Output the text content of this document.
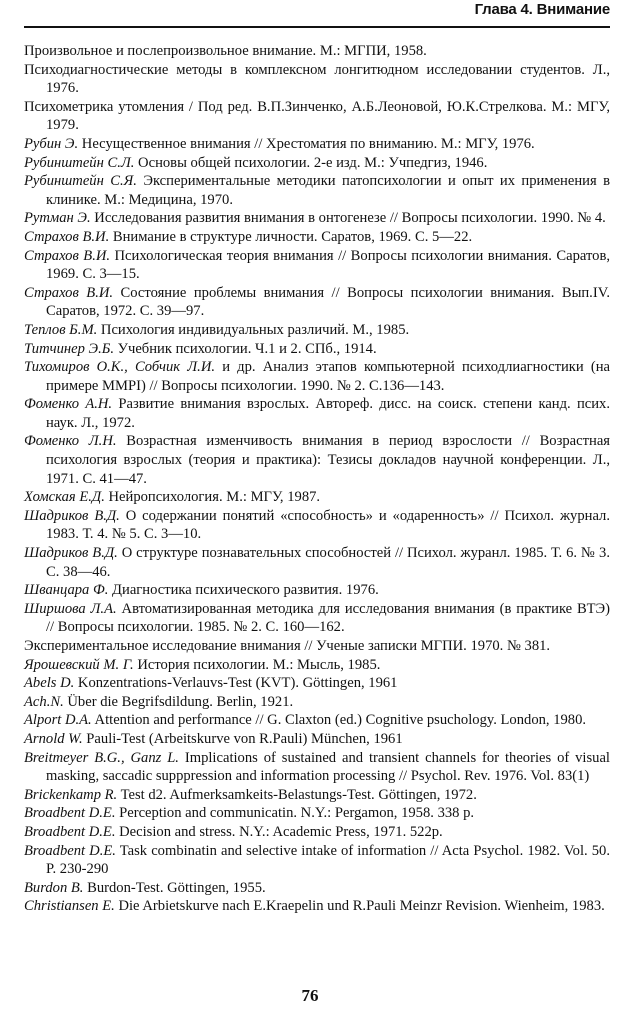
Глава 4. Внимание

Произвольное и послепроизвольное внимание. М.: МГПИ, 1958.

Психодиагностические методы в комплексном лонгитюдном исследовании студентов. Л., 1976.

Психометрика утомления / Под ред. В.П.Зинченко, А.Б.Леоновой, Ю.К.Стрелкова. М.: МГУ, 1979.

Рубин Э. Несущественное внимания // Хрестоматия по вниманию. М.: МГУ, 1976.

Рубинштейн С.Л. Основы общей психологии. 2-е изд. М.: Учпедгиз, 1946.

Рубинштейн С.Я. Экспериментальные методики патопсихологии и опыт их применения в клинике. М.: Медицина, 1970.

Рутман Э. Исследования развития внимания в онтогенезе // Вопросы психологии. 1990. № 4.

Страхов В.И. Внимание в структуре личности. Саратов, 1969. С. 5—22.

Страхов В.И. Психологическая теория внимания // Вопросы психологии внимания. Саратов, 1969. С. 3—15.

Страхов В.И. Состояние проблемы внимания // Вопросы психологии внимания. Вып.IV. Саратов, 1972. С. 39—97.

Теплов Б.М. Психология индивидуальных различий. М., 1985.

Титчинер Э.Б. Учебник психологии. Ч.1 и 2. СПб., 1914.

Тихомиров О.К., Собчик Л.И. и др. Анализ этапов компьютерной психодлиагностики (на примере MMPI) // Вопросы психологии. 1990. № 2. С.136—143.

Фоменко А.Н. Развитие внимания взрослых. Автореф. дисс. на соиск. степени канд. псих. наук. Л., 1972.

Фоменко Л.Н. Возрастная изменчивость внимания в период взрослости // Возрастная психология взрослых (теория и практика): Тезисы докладов научной конференции. Л., 1971. С. 41—47.

Хомская Е.Д. Нейропсихология. М.: МГУ, 1987.

Шадриков В.Д. О содержании понятий «способность» и «одаренность» // Психол. журнал. 1983. Т. 4. № 5. С. 3—10.

Шадриков В.Д. О структуре познавательных способностей // Психол. журанл. 1985. Т. 6. № 3. С. 38—46.

Шванцара Ф. Диагностика психического развития. 1976.

Ширшова Л.А. Автоматизированная методика для исследования внимания (в практике ВТЭ) // Вопросы психологии. 1985. № 2. С. 160—162.

Экспериментальное исследование внимания // Ученые записки МГПИ. 1970. № 381.

Ярошевский М. Г. История психологии. М.: Мысль, 1985.

Abels D. Konzentrations-Verlauvs-Test (KVT). Göttingen, 1961

Ach.N. Über die Begrifsdildung. Berlin, 1921.

Alport D.A. Attention and performance // G. Claxton (ed.) Cognitive psuchology. London, 1980.

Arnold W. Pauli-Test (Arbeitskurve von R.Pauli) München, 1961

Breitmeyer B.G., Ganz L. Implications of sustained and transient channels for theories of visual masking, saccadic supppression and information processing // Psychol. Rev. 1976. Vol. 83(1)

Brickenkamp R. Test d2. Aufmerksamkeits-Belastungs-Test. Göttingen, 1972.

Broadbent D.E. Perception and communicatin. N.Y.: Pergamon, 1958. 338 p.

Broadbent D.E. Decision and stress. N.Y.: Academic Press, 1971. 522p.

Broadbent D.E. Task combinatin and selective intake of information // Acta Psychol. 1982. Vol. 50. P. 230-290

Burdon B. Burdon-Test. Göttingen, 1955.

Christiansen E. Die Arbietskurve nach E.Kraepelin und R.Pauli Meinzr Revision. Wienheim, 1983.

76
